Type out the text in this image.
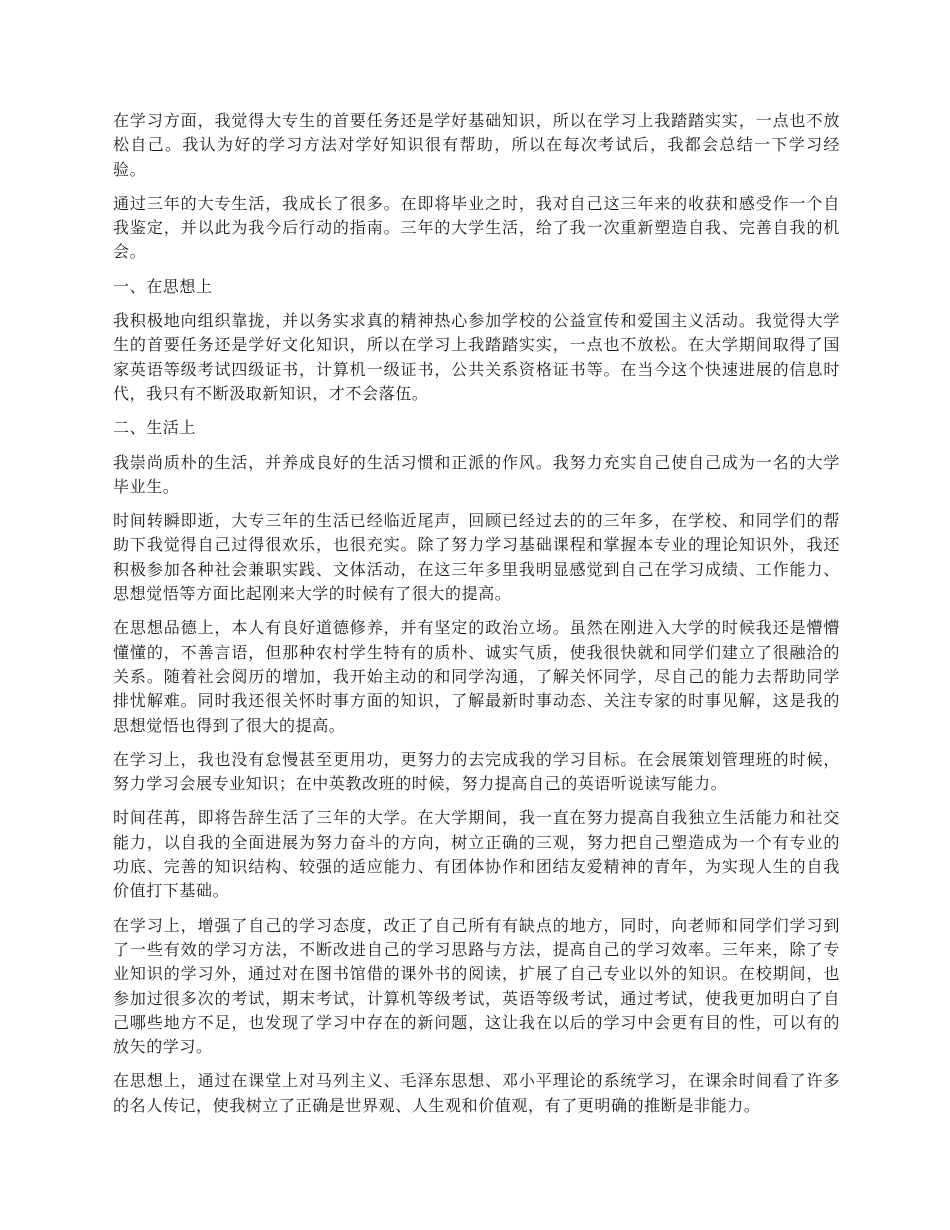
在学习方面，我觉得大专生的首要任务还是学好基础知识，所以在学习上我踏踏实实，一点也不放松自己。我认为好的学习方法对学好知识很有帮助，所以在每次考试后，我都会总结一下学习经验。

通过三年的大专生活，我成长了很多。在即将毕业之时，我对自己这三年来的收获和感受作一个自我鉴定，并以此为我今后行动的指南。三年的大学生活，给了我一次重新塑造自我、完善自我的机会。

一、在思想上

我积极地向组织靠拢，并以务实求真的精神热心参加学校的公益宣传和爱国主义活动。我觉得大学生的首要任务还是学好文化知识，所以在学习上我踏踏实实，一点也不放松。在大学期间取得了国家英语等级考试四级证书，计算机一级证书，公共关系资格证书等。在当今这个快速进展的信息时代，我只有不断汲取新知识，才不会落伍。

二、生活上

我崇尚质朴的生活，并养成良好的生活习惯和正派的作风。我努力充实自己使自己成为一名的大学毕业生。

时间转瞬即逝，大专三年的生活已经临近尾声，回顾已经过去的的三年多，在学校、和同学们的帮助下我觉得自己过得很欢乐，也很充实。除了努力学习基础课程和掌握本专业的理论知识外，我还积极参加各种社会兼职实践、文体活动，在这三年多里我明显感觉到自己在学习成绩、工作能力、思想觉悟等方面比起刚来大学的时候有了很大的提高。

在思想品德上，本人有良好道德修养，并有坚定的政治立场。虽然在刚进入大学的时候我还是懵懵懂懂的，不善言语，但那种农村学生特有的质朴、诚实气质，使我很快就和同学们建立了很融洽的关系。随着社会阅历的增加，我开始主动的和同学沟通，了解关怀同学，尽自己的能力去帮助同学排忧解难。同时我还很关怀时事方面的知识，了解最新时事动态、关注专家的时事见解，这是我的思想觉悟也得到了很大的提高。

在学习上，我也没有怠慢甚至更用功，更努力的去完成我的学习目标。在会展策划管理班的时候，努力学习会展专业知识；在中英教改班的时候，努力提高自己的英语听说读写能力。

时间荏苒，即将告辞生活了三年的大学。在大学期间，我一直在努力提高自我独立生活能力和社交能力，以自我的全面进展为努力奋斗的方向，树立正确的三观，努力把自己塑造成为一个有专业的功底、完善的知识结构、较强的适应能力、有团体协作和团结友爱精神的青年，为实现人生的自我价值打下基础。

在学习上，增强了自己的学习态度，改正了自己所有有缺点的地方，同时，向老师和同学们学习到了一些有效的学习方法，不断改进自己的学习思路与方法，提高自己的学习效率。三年来，除了专业知识的学习外，通过对在图书馆借的课外书的阅读，扩展了自己专业以外的知识。在校期间，也参加过很多次的考试，期末考试，计算机等级考试，英语等级考试，通过考试，使我更加明白了自己哪些地方不足，也发现了学习中存在的新问题，这让我在以后的学习中会更有目的性，可以有的放矢的学习。

在思想上，通过在课堂上对马列主义、毛泽东思想、邓小平理论的系统学习，在课余时间看了许多的名人传记，使我树立了正确是世界观、人生观和价值观，有了更明确的推断是非能力。
